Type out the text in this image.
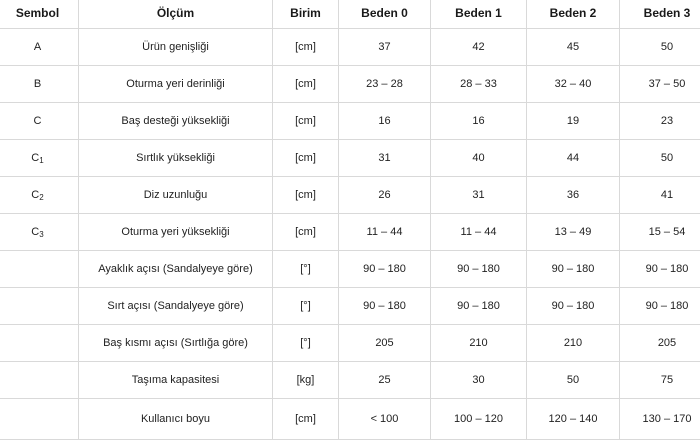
Sembol	Ölçüm	Birim	Beden 0	Beden 1	Beden 2	Beden 3
A	Ürün genişliği	[cm]	37	42	45	50
B	Oturma yeri derinliği	[cm]	23 – 28	28 – 33	32 – 40	37 – 50
C	Baş desteği yüksekliği	[cm]	16	16	19	23
$C_1$	Sırtlık yüksekliği	[cm]	31	40	44	50
$C_2$	Diz uzunluğu	[cm]	26	31	36	41
$C_3$	Oturma yeri yüksekliği	[cm]	11 – 44	11 – 44	13 – 49	15 – 54
	Ayaklık açısı (Sandalyeye göre)	[°]	90 – 180	90 – 180	90 – 180	90 – 180
	Sırt açısı (Sandalyeye göre)	[°]	90 – 180	90 – 180	90 – 180	90 – 180
	Baş kısmı açısı (Sırtlığa göre)	[°]	205	210	210	205
	Taşıma kapasitesi	[kg]	25	30	50	75
	Kullanıcı boyu	[cm]	< 100	100 – 120	120 – 140	130 – 170
